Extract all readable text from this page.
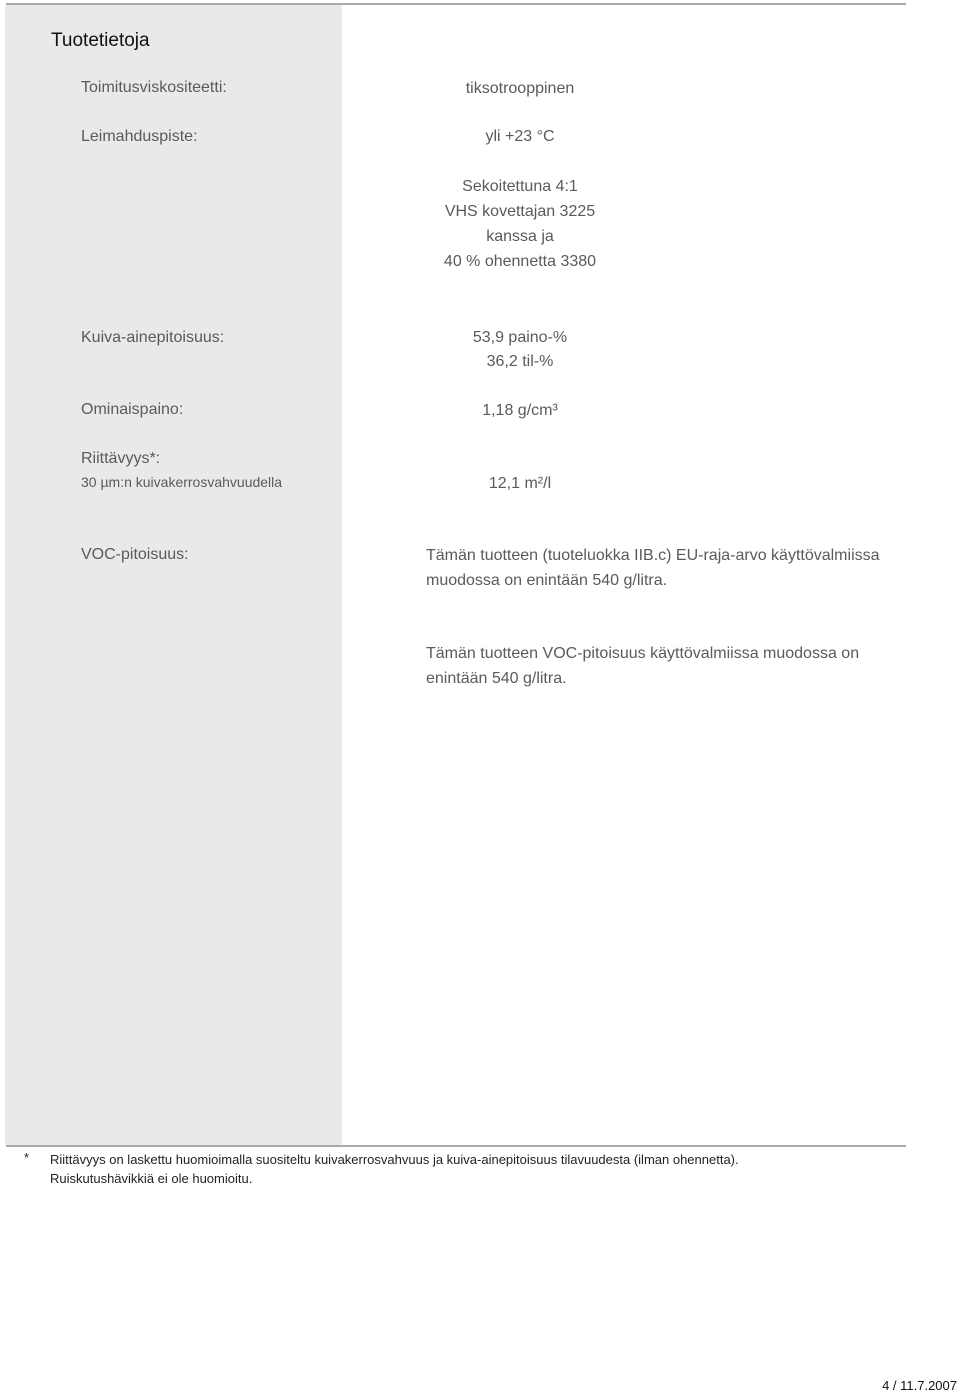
Tuotetietoja
Toimitusviskositeetti:	tiksotrooppinen
Leimahduspiste:	yli +23 °C
Sekoitettuna 4:1
VHS kovettajan 3225
kanssa ja
40 % ohennetta 3380
Kuiva-ainepitoisuus:	53,9 paino-%
36,2 til-%
Ominaispaino:	1,18 g/cm³
Riittävyys*:
30 µm:n kuivakerrosvahvuudella	12,1 m²/l
VOC-pitoisuus:	Tämän tuotteen (tuoteluokka IIB.c) EU-raja-arvo käyttövalmiissa muodossa on enintään 540 g/litra.
Tämän tuotteen VOC-pitoisuus käyttövalmiissa muodossa on enintään 540 g/litra.
* Riittävyys on laskettu huomioimalla suositeltu kuivakerrosvahvuus ja kuiva-ainepitoisuus tilavuudesta (ilman ohennetta).
Ruiskutushävikkiä ei ole huomioitu.
4 / 11.7.2007
